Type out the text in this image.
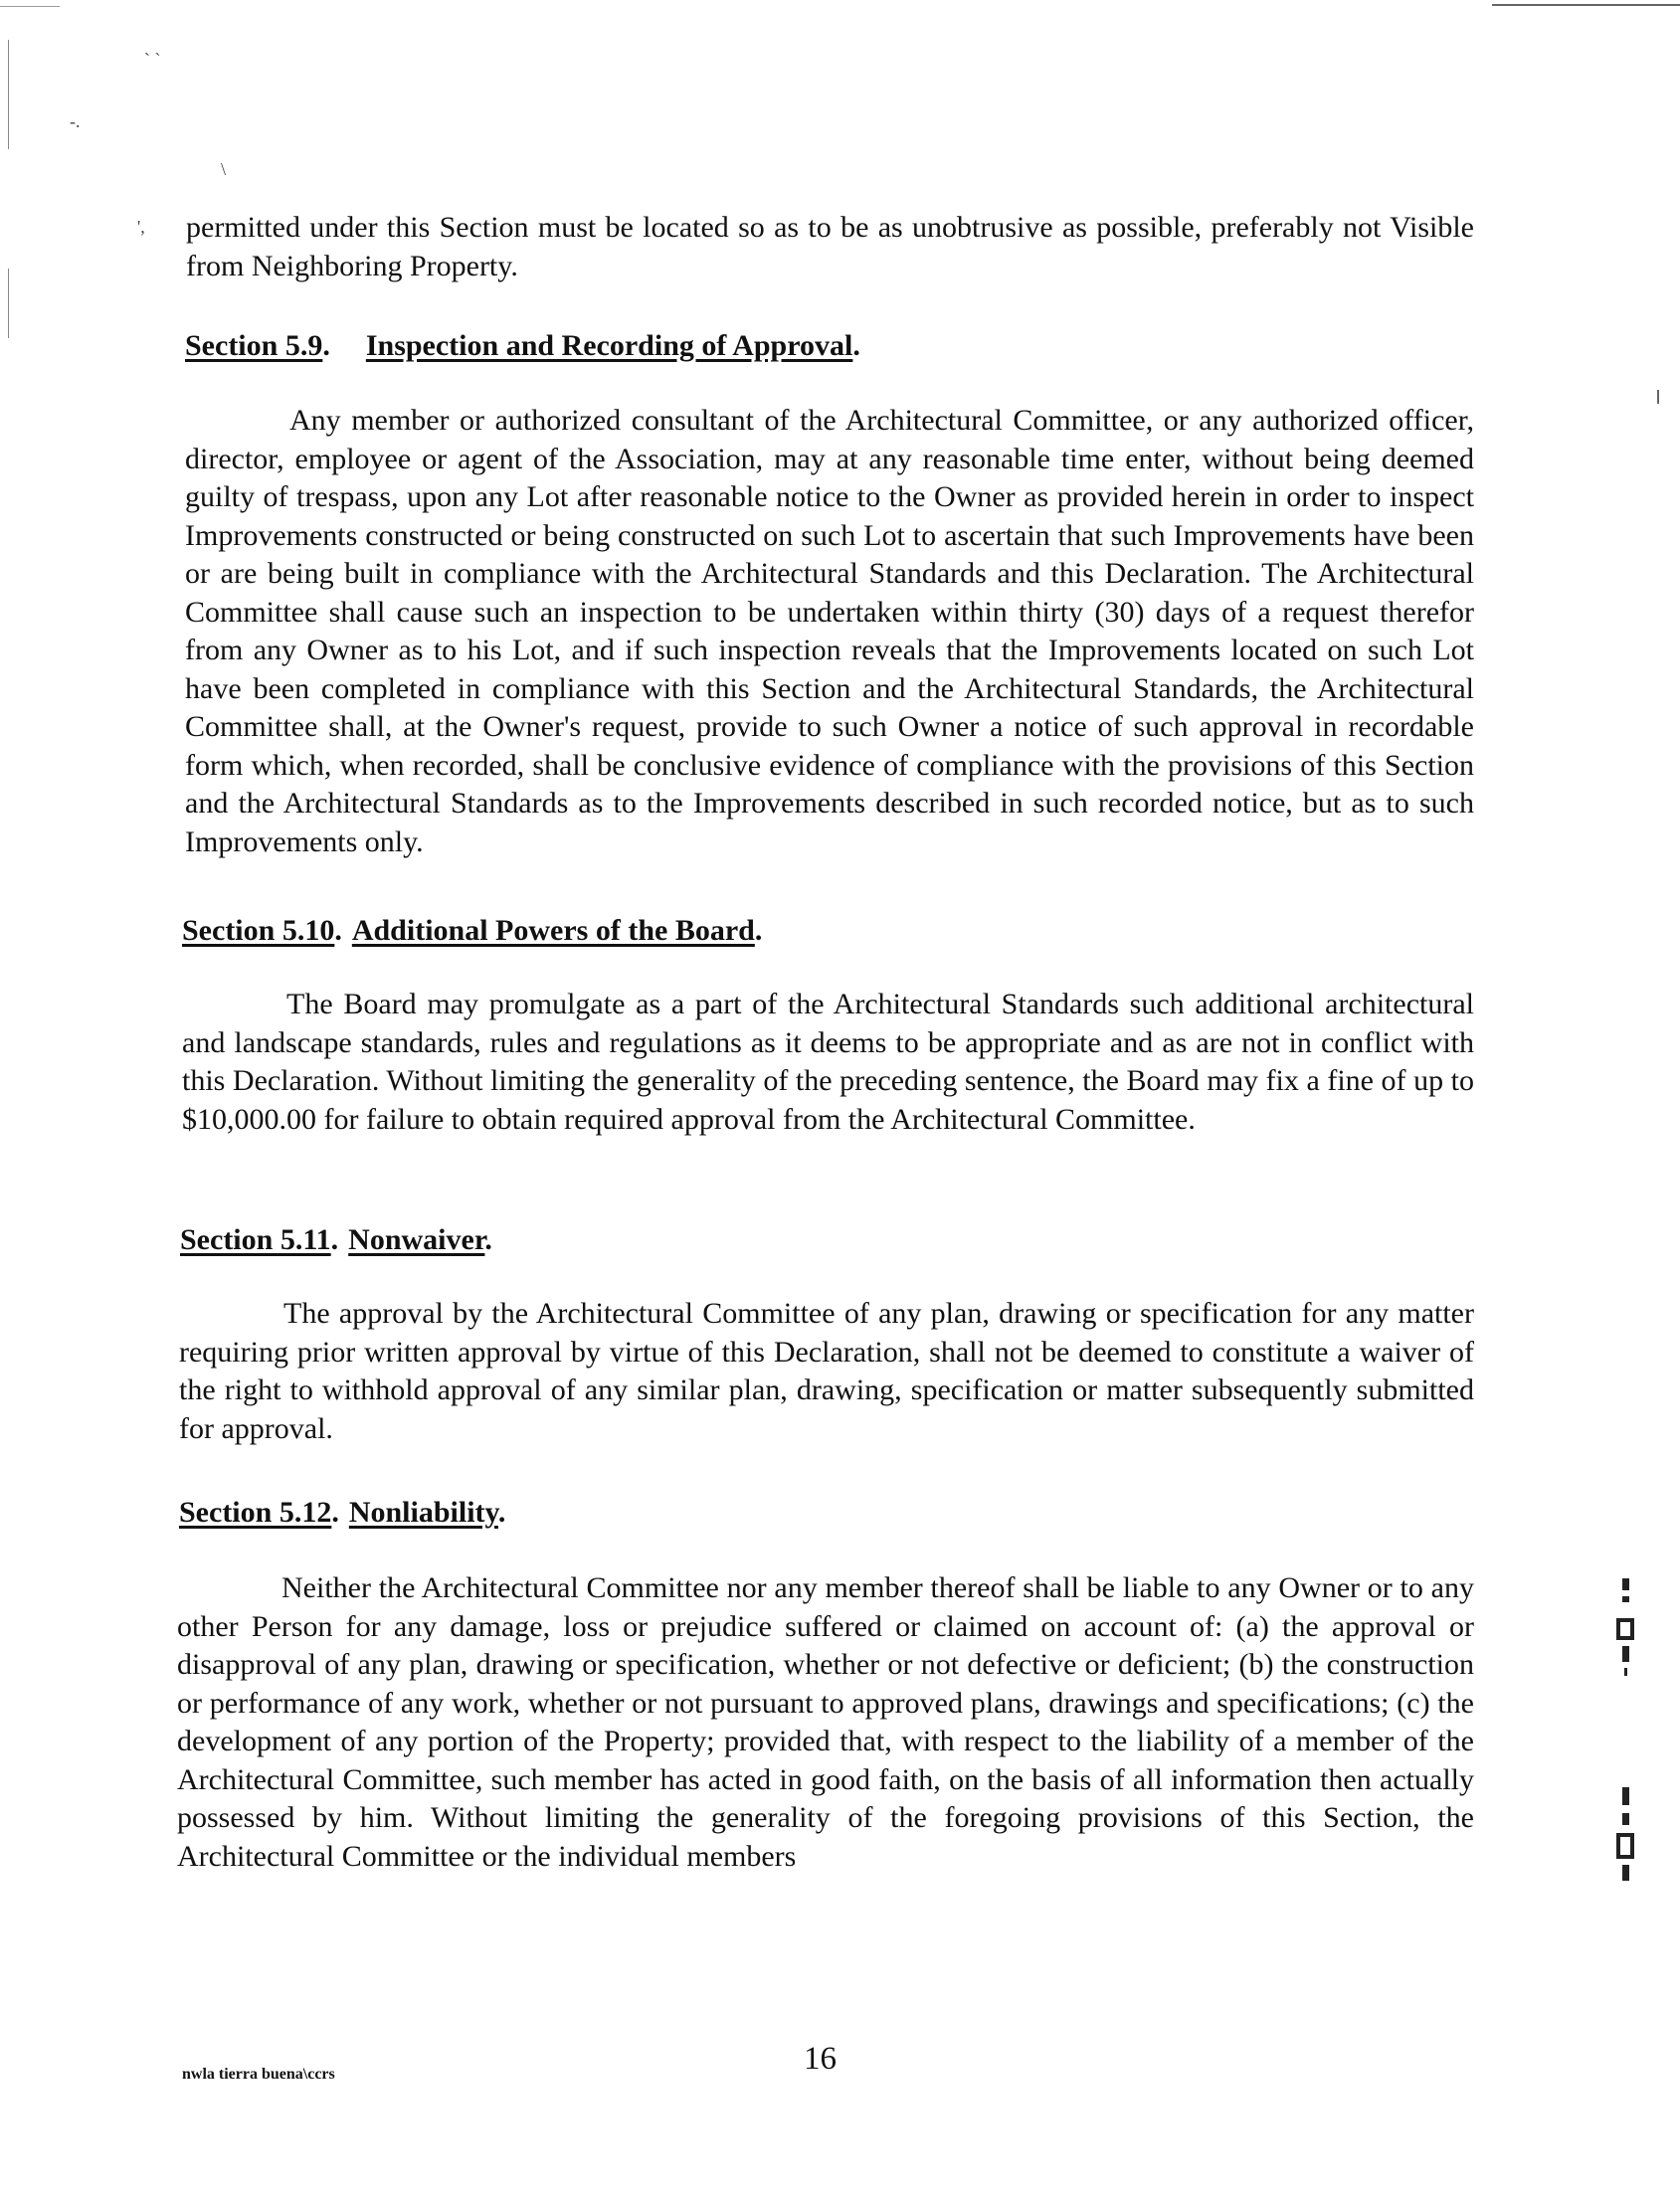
` `
-.
\
', permitted under this Section must be located so as to be as unobtrusive as possible, preferably not Visible from Neighboring Property.
Section 5.9. Inspection and Recording of Approval.
Any member or authorized consultant of the Architectural Committee, or any authorized officer, director, employee or agent of the Association, may at any reasonable time enter, without being deemed guilty of trespass, upon any Lot after reasonable notice to the Owner as provided herein in order to inspect Improvements constructed or being constructed on such Lot to ascertain that such Improvements have been or are being built in compliance with the Architectural Standards and this Declaration. The Architectural Committee shall cause such an inspection to be undertaken within thirty (30) days of a request therefor from any Owner as to his Lot, and if such inspection reveals that the Improvements located on such Lot have been completed in compliance with this Section and the Architectural Standards, the Architectural Committee shall, at the Owner's request, provide to such Owner a notice of such approval in recordable form which, when recorded, shall be conclusive evidence of compliance with the provisions of this Section and the Architectural Standards as to the Improvements described in such recorded notice, but as to such Improvements only.
Section 5.10. Additional Powers of the Board.
The Board may promulgate as a part of the Architectural Standards such additional architectural and landscape standards, rules and regulations as it deems to be appropriate and as are not in conflict with this Declaration. Without limiting the generality of the preceding sentence, the Board may fix a fine of up to $10,000.00 for failure to obtain required approval from the Architectural Committee.
Section 5.11. Nonwaiver.
The approval by the Architectural Committee of any plan, drawing or specification for any matter requiring prior written approval by virtue of this Declaration, shall not be deemed to constitute a waiver of the right to withhold approval of any similar plan, drawing, specification or matter subsequently submitted for approval.
Section 5.12. Nonliability.
Neither the Architectural Committee nor any member thereof shall be liable to any Owner or to any other Person for any damage, loss or prejudice suffered or claimed on account of: (a) the approval or disapproval of any plan, drawing or specification, whether or not defective or deficient; (b) the construction or performance of any work, whether or not pursuant to approved plans, drawings and specifications; (c) the development of any portion of the Property; provided that, with respect to the liability of a member of the Architectural Committee, such member has acted in good faith, on the basis of all information then actually possessed by him. Without limiting the generality of the foregoing provisions of this Section, the Architectural Committee or the individual members
nwla tierra buena\ccrs	16
